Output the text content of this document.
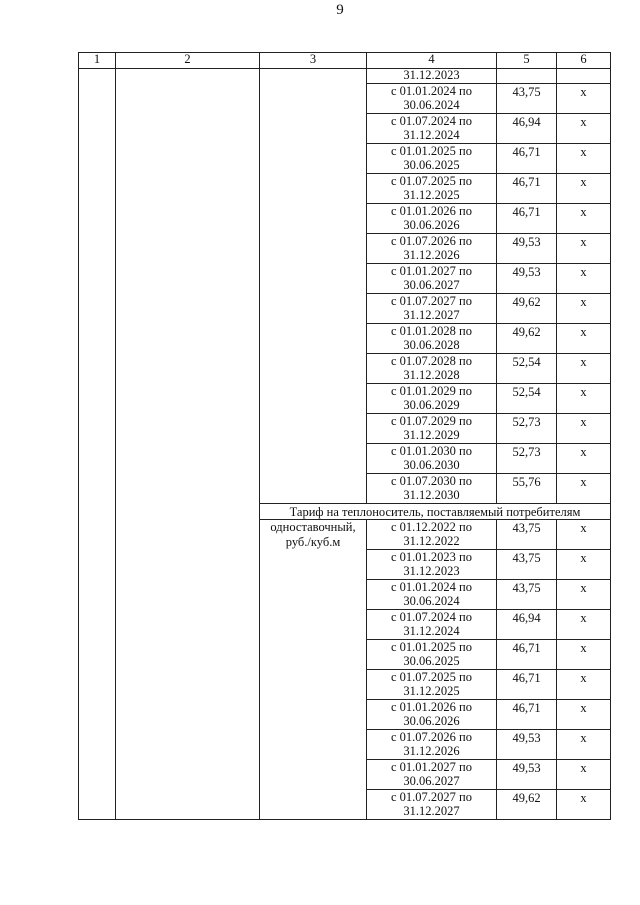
9
1	2	3	4	5	6
			31.12.2023		
			с 01.01.2024 по 30.06.2024	43,75	х
			с 01.07.2024 по 31.12.2024	46,94	х
			с 01.01.2025 по 30.06.2025	46,71	х
			с 01.07.2025 по 31.12.2025	46,71	х
			с 01.01.2026 по 30.06.2026	46,71	х
			с 01.07.2026 по 31.12.2026	49,53	х
			с 01.01.2027 по 30.06.2027	49,53	х
			с 01.07.2027 по 31.12.2027	49,62	х
			с 01.01.2028 по 30.06.2028	49,62	х
			с 01.07.2028 по 31.12.2028	52,54	х
			с 01.01.2029 по 30.06.2029	52,54	х
			с 01.07.2029 по 31.12.2029	52,73	х
			с 01.01.2030 по 30.06.2030	52,73	х
			с 01.07.2030 по 31.12.2030	55,76	х
		Тариф на теплоноситель, поставляемый потребителям			
		одноставочный, руб./куб.м	с 01.12.2022 по 31.12.2022	43,75	х
			с 01.01.2023 по 31.12.2023	43,75	х
			с 01.01.2024 по 30.06.2024	43,75	х
			с 01.07.2024 по 31.12.2024	46,94	х
			с 01.01.2025 по 30.06.2025	46,71	х
			с 01.07.2025 по 31.12.2025	46,71	х
			с 01.01.2026 по 30.06.2026	46,71	х
			с 01.07.2026 по 31.12.2026	49,53	х
			с 01.01.2027 по 30.06.2027	49,53	х
			с 01.07.2027 по 31.12.2027	49,62	х
